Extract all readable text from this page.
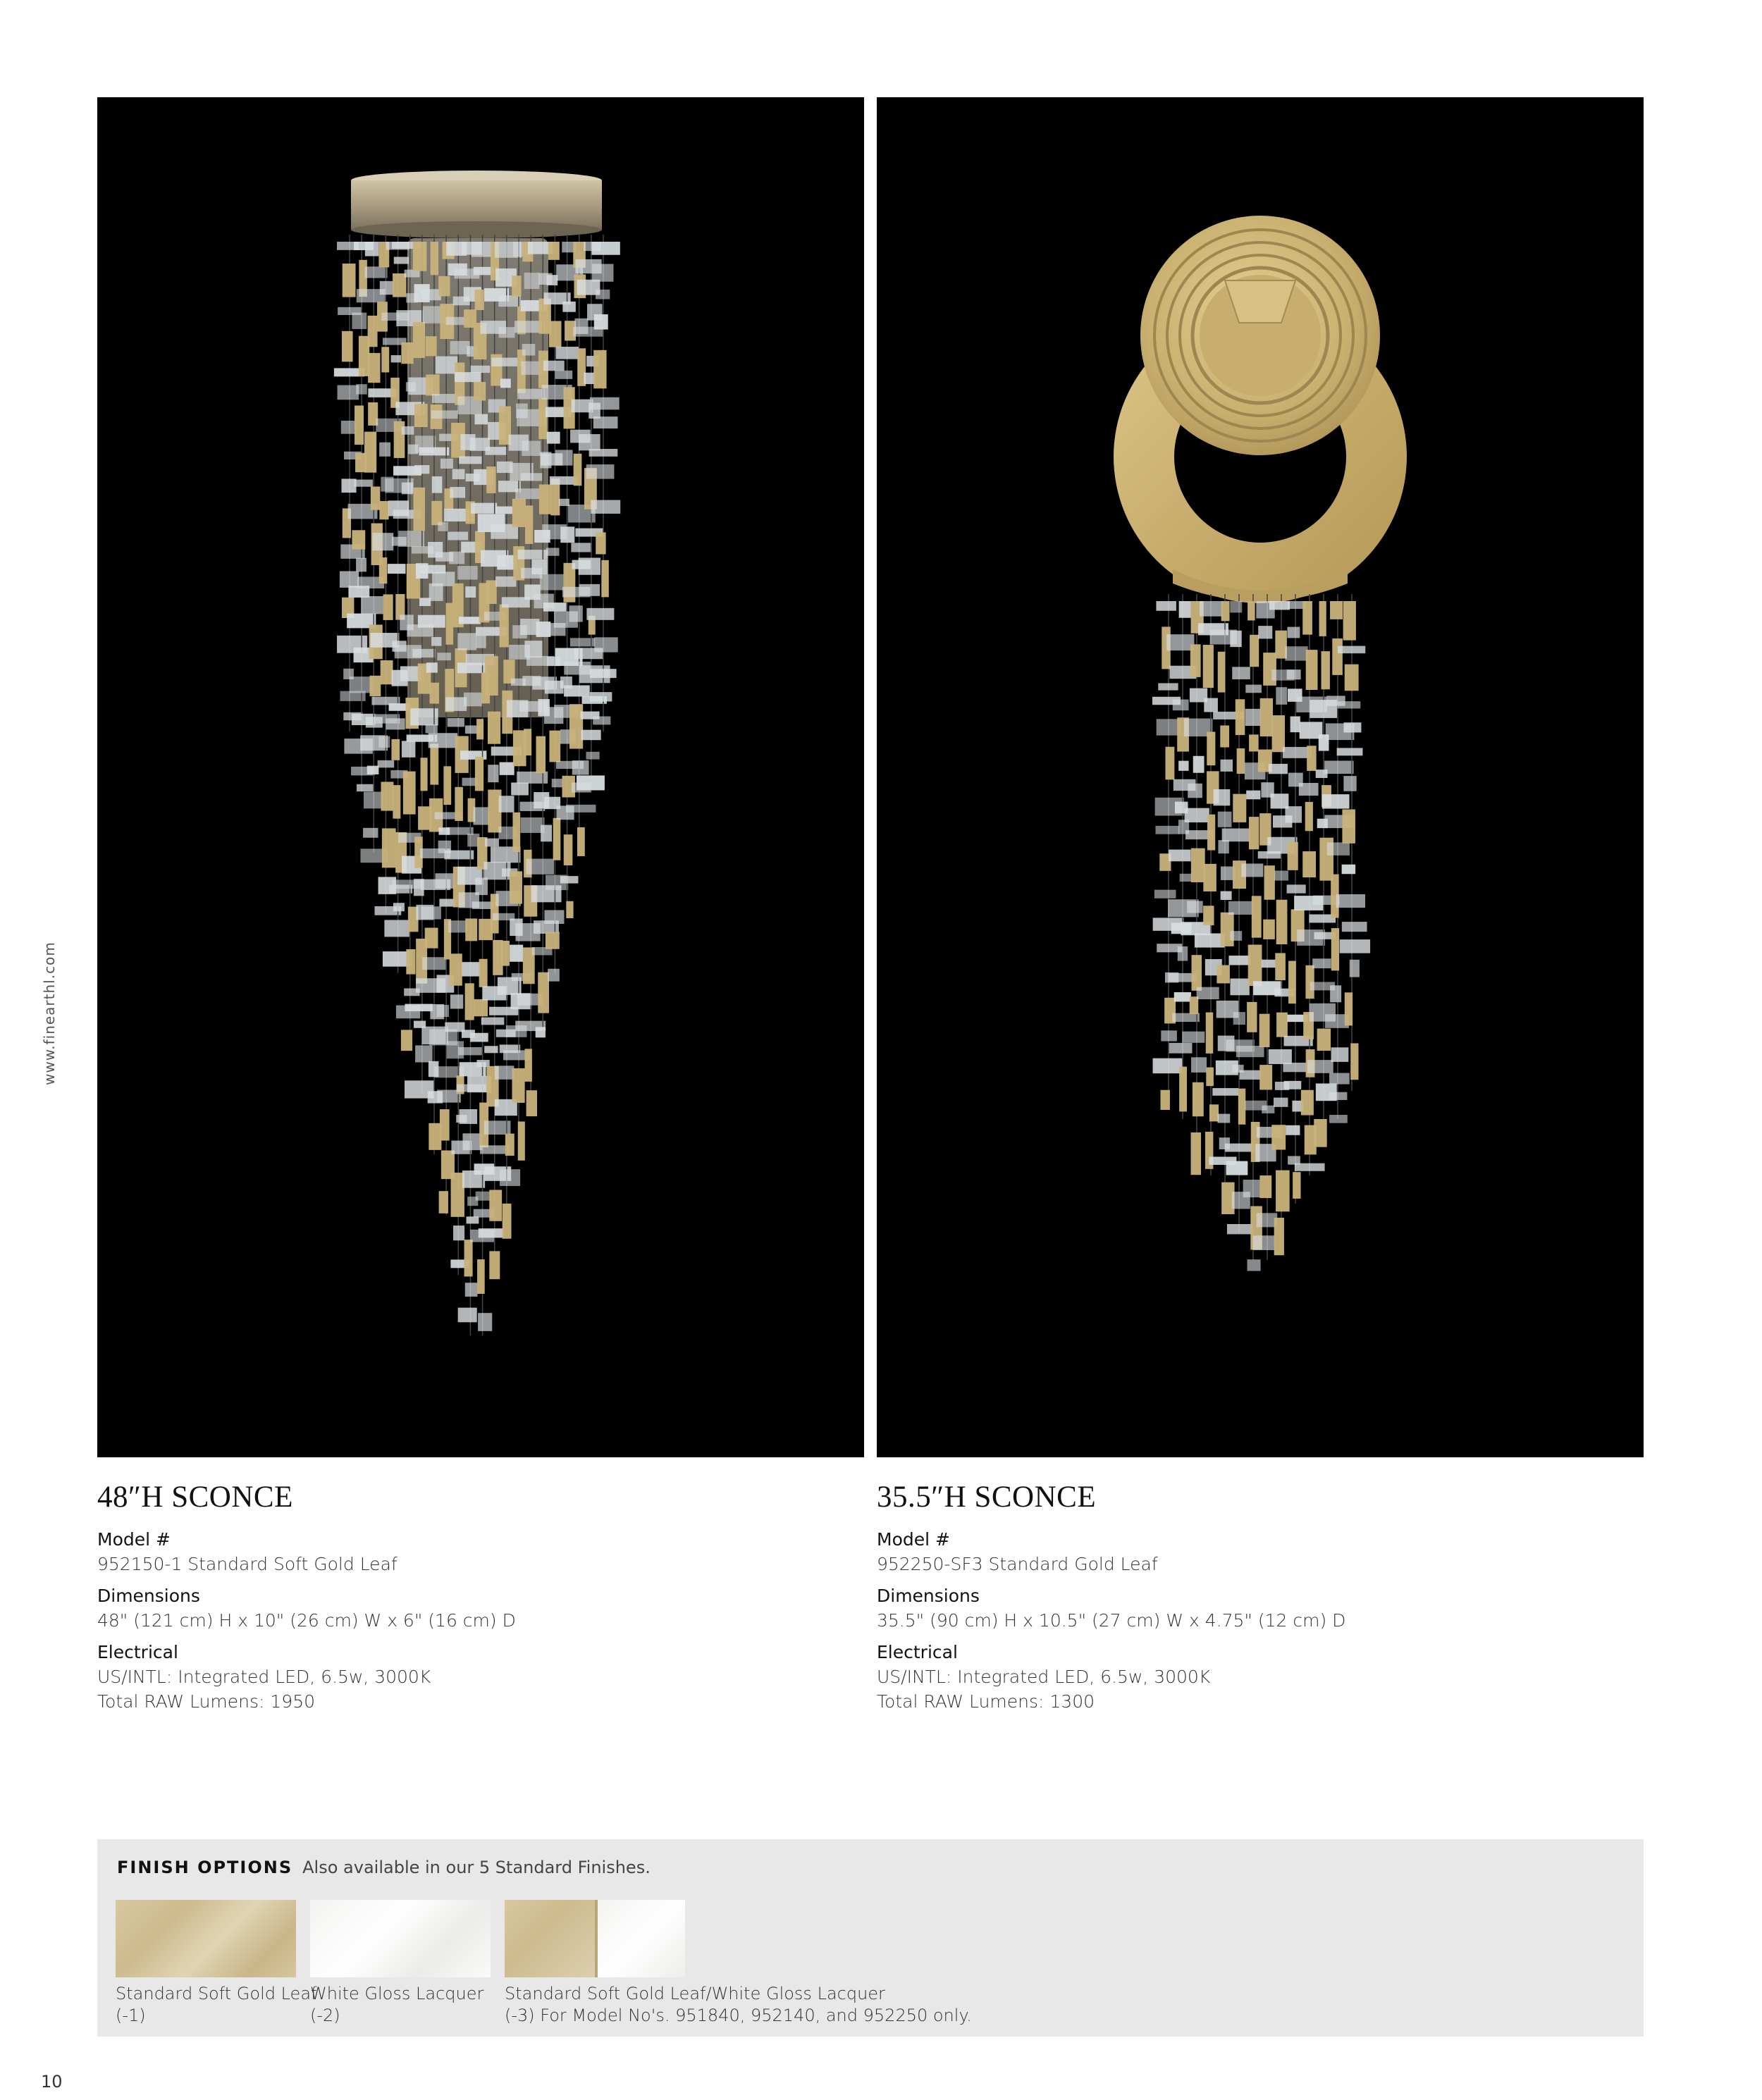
www.finearthl.com
48″H SCONCE
Model #
952150-1 Standard Soft Gold Leaf
Dimensions
48" (121 cm) H x 10" (26 cm) W x 6" (16 cm) D
Electrical
US/INTL: Integrated LED, 6.5w, 3000K
Total RAW Lumens: 1950
35.5″H SCONCE
Model #
952250-SF3 Standard Gold Leaf
Dimensions
35.5" (90 cm) H x 10.5" (27 cm) W x 4.75" (12 cm) D
Electrical
US/INTL: Integrated LED, 6.5w, 3000K
Total RAW Lumens: 1300
FINISH OPTIONS Also available in our 5 Standard Finishes.
Standard Soft Gold Leaf
(-1)
White Gloss Lacquer
(-2)
Standard Soft Gold Leaf/White Gloss Lacquer
(-3) For Model No's. 951840, 952140, and 952250 only.
10
